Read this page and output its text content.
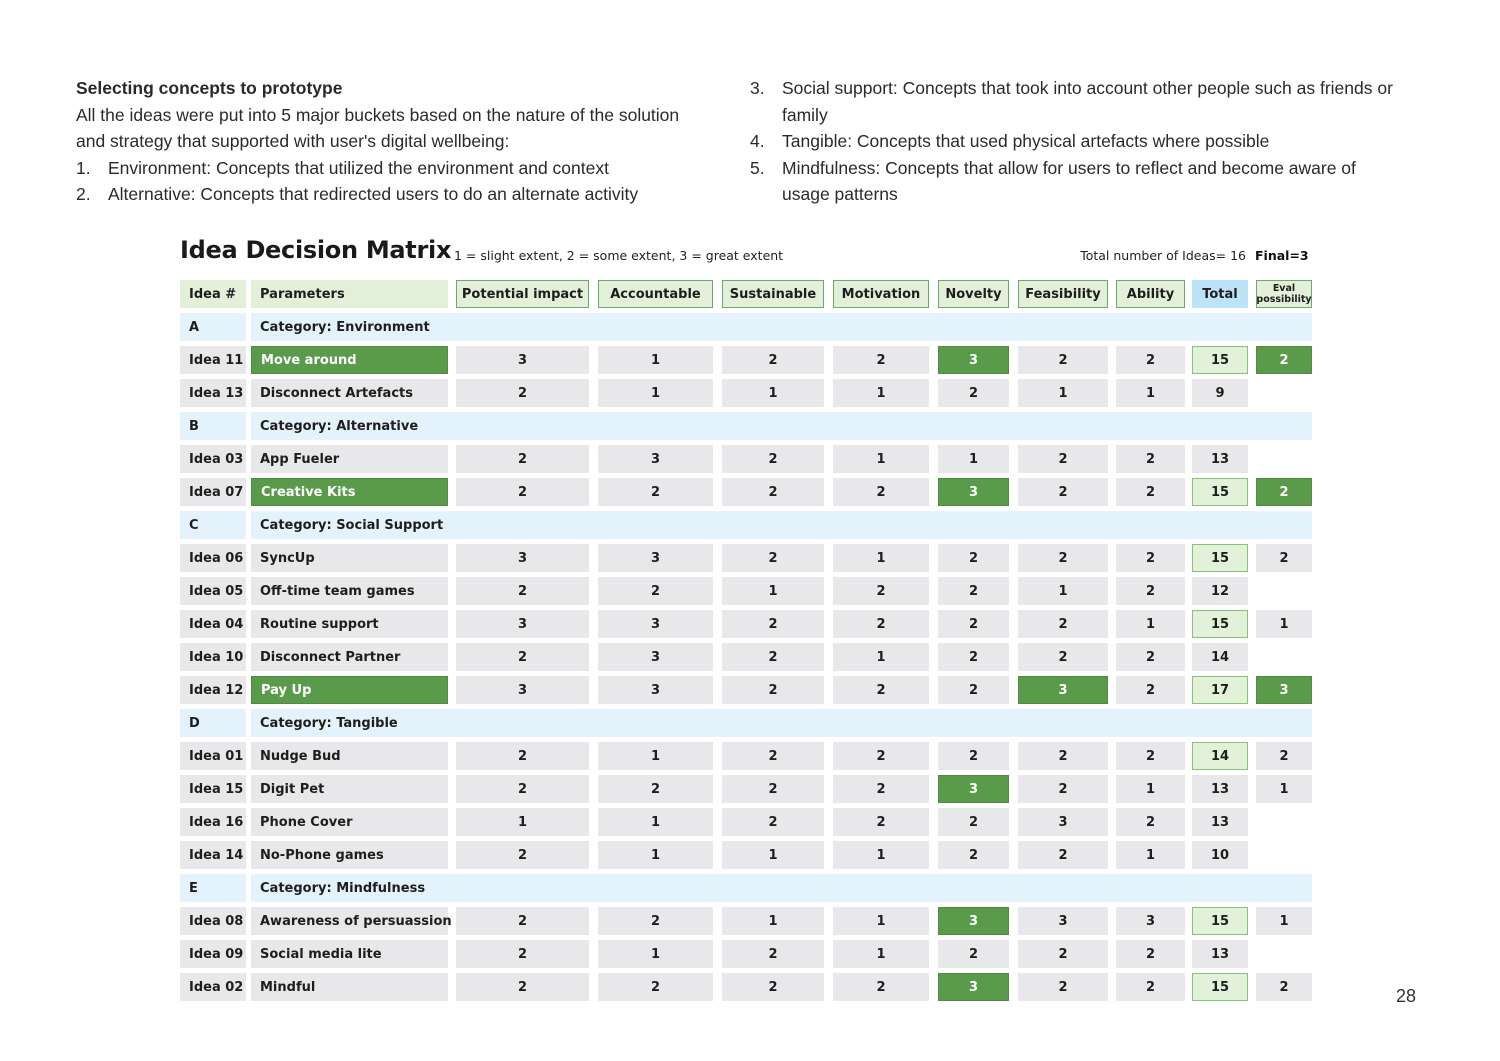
Selecting concepts to prototype
All the ideas were put into 5 major buckets based on the nature of the solution
and strategy that supported with user's digital wellbeing:
1. Environment: Concepts that utilized the environment and context
2. Alternative: Concepts that redirected users to do an alternate activity
3. Social support: Concepts that took into account other people such as friends or family
4. Tangible: Concepts that used physical artefacts where possible
5. Mindfulness: Concepts that allow for users to reflect and become aware of usage patterns
Idea Decision Matrix 1 = slight extent, 2 = some extent, 3 = great extent	Total number of Ideas= 16 Final=3
Idea #	Parameters	Potential impact	Accountable	Sustainable	Motivation	Novelty	Feasibility	Ability	Total	Eval
possibility
A	Category: Environment
Idea 11	Move around	3	1	2	2	3	2	2	15	2
Idea 13	Disconnect Artefacts	2	1	1	1	2	1	1	9
B	Category: Alternative
Idea 03	App Fueler	2	3	2	1	1	2	2	13
Idea 07	Creative Kits	2	2	2	2	3	2	2	15	2
C	Category: Social Support
Idea 06	SyncUp	3	3	2	1	2	2	2	15	2
Idea 05	Off-time team games	2	2	1	2	2	1	2	12
Idea 04	Routine support	3	3	2	2	2	2	1	15	1
Idea 10	Disconnect Partner	2	3	2	1	2	2	2	14
Idea 12	Pay Up	3	3	2	2	2	3	2	17	3
D	Category: Tangible
Idea 01	Nudge Bud	2	1	2	2	2	2	2	14	2
Idea 15	Digit Pet	2	2	2	2	3	2	1	13	1
Idea 16	Phone Cover	1	1	2	2	2	3	2	13
Idea 14	No-Phone games	2	1	1	1	2	2	1	10
E	Category: Mindfulness
Idea 08	Awareness of persuassion	2	2	1	1	3	3	3	15	1
Idea 09	Social media lite	2	1	2	1	2	2	2	13
Idea 02	Mindful	2	2	2	2	3	2	2	15	2	28
